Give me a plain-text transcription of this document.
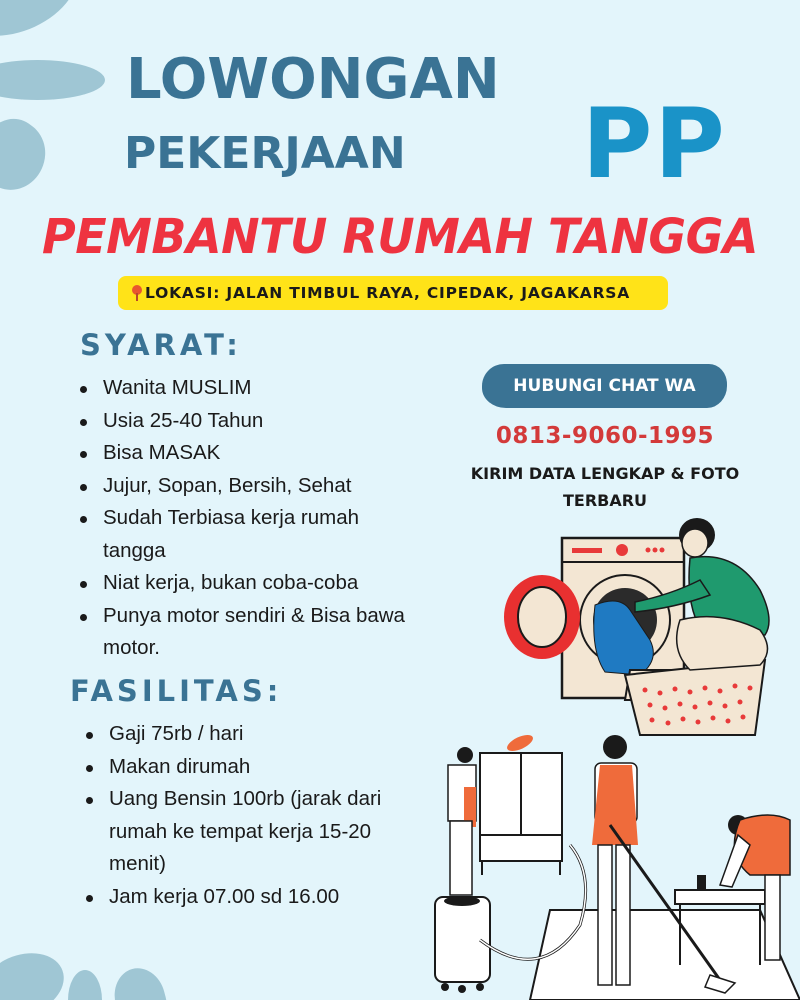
LOWONGAN
PEKERJAAN PP
PEMBANTU RUMAH TANGGA
LOKASI: JALAN TIMBUL RAYA, CIPEDAK, JAGAKARSA
SYARAT:
Wanita MUSLIM
Usia 25-40 Tahun
Bisa MASAK
Jujur, Sopan, Bersih, Sehat
Sudah Terbiasa kerja rumah tangga
Niat kerja, bukan coba-coba
Punya motor sendiri & Bisa bawa motor.
FASILITAS:
Gaji 75rb / hari
Makan dirumah
Uang Bensin 100rb (jarak dari rumah ke tempat kerja 15-20 menit)
Jam kerja 07.00 sd 16.00
HUBUNGI CHAT WA
0813-9060-1995
KIRIM DATA LENGKAP & FOTO TERBARU
